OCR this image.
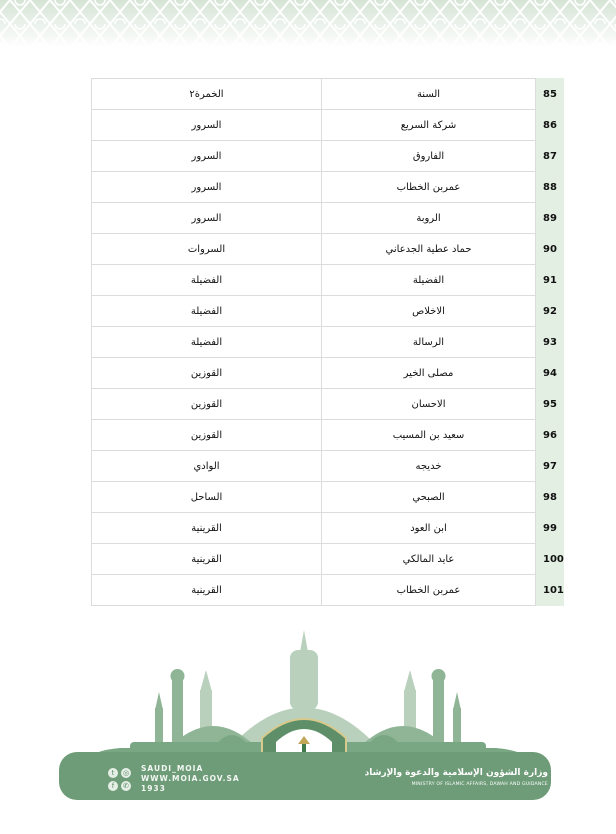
الخمرة٢	السنة	85
السرور	شركة السريع	86
السرور	الفاروق	87
السرور	عمربن الخطاب	88
السرور	الروبة	89
السروات	حماد عطية الجدعاني	90
الفضيلة	الفضيلة	91
الفضيلة	الاخلاص	92
الفضيلة	الرسالة	93
القوزين	مصلى الخير	94
القوزين	الاحسان	95
القوزين	سعيد بن المسيب	96
الوادي	خديجه	97
الساحل	الصبحي	98
القرينية	ابن العود	99
القرينية	عايد المالكي	100
القرينية	عمربن الخطاب	101
t	◎
f	✆
SAUDI_MOIA
WWW.MOIA.GOV.SA
1933
وزارة الشؤون الإسلامية والدعوة والإرشاد
MINISTRY OF ISLAMIC AFFAIRS, DAWAH AND GUIDANCE
